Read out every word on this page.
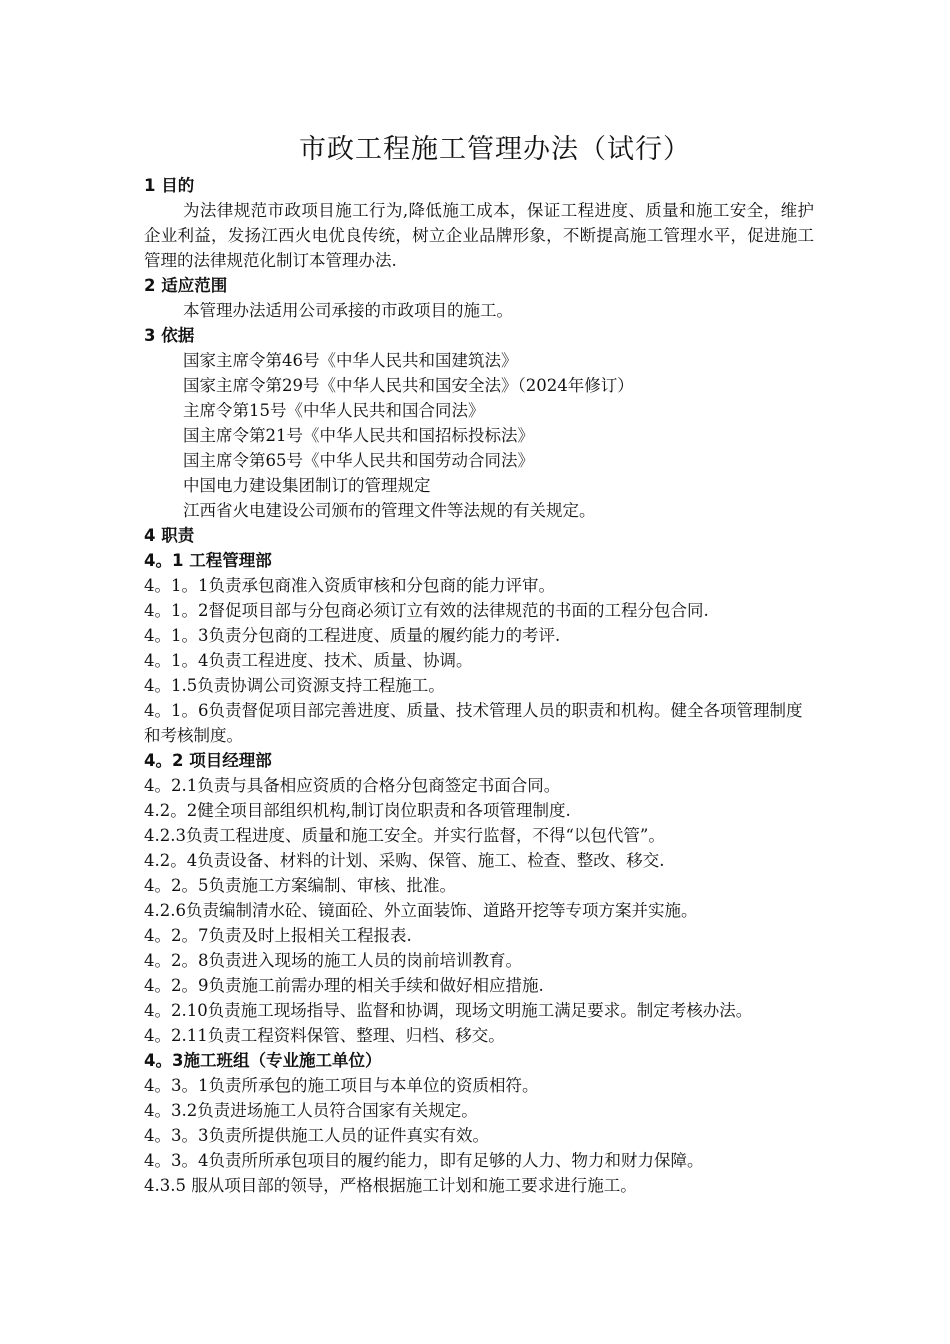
市政工程施工管理办法（试行）

1 目的

为法律规范市政项目施工行为,降低施工成本，保证工程进度、质量和施工安全，维护企业利益，发扬江西火电优良传统，树立企业品牌形象，不断提高施工管理水平，促进施工管理的法律规范化制订本管理办法.

2 适应范围

本管理办法适用公司承接的市政项目的施工。

3 依据

国家主席令第46号《中华人民共和国建筑法》

国家主席令第29号《中华人民共和国安全法》（2024年修订）

主席令第15号《中华人民共和国合同法》

国主席令第21号《中华人民共和国招标投标法》

国主席令第65号《中华人民共和国劳动合同法》

中国电力建设集团制订的管理规定

江西省火电建设公司颁布的管理文件等法规的有关规定。

4 职责

4。1 工程管理部

4。1。1负责承包商准入资质审核和分包商的能力评审。

4。1。2督促项目部与分包商必须订立有效的法律规范的书面的工程分包合同.

4。1。3负责分包商的工程进度、质量的履约能力的考评.

4。1。4负责工程进度、技术、质量、协调。

4。1.5负责协调公司资源支持工程施工。

4。1。6负责督促项目部完善进度、质量、技术管理人员的职责和机构。健全各项管理制度和考核制度。

4。2 项目经理部

4。2.1负责与具备相应资质的合格分包商签定书面合同。

4.2。2健全项目部组织机构,制订岗位职责和各项管理制度.

4.2.3负责工程进度、质量和施工安全。并实行监督，不得“以包代管”。

4.2。4负责设备、材料的计划、采购、保管、施工、检查、整改、移交.

4。2。5负责施工方案编制、审核、批准。

4.2.6负责编制清水砼、镜面砼、外立面装饰、道路开挖等专项方案并实施。

4。2。7负责及时上报相关工程报表.

4。2。8负责进入现场的施工人员的岗前培训教育。

4。2。9负责施工前需办理的相关手续和做好相应措施.

4。2.10负责施工现场指导、监督和协调，现场文明施工满足要求。制定考核办法。

4。2.11负责工程资料保管、整理、归档、移交。

4。3施工班组（专业施工单位）

4。3。1负责所承包的施工项目与本单位的资质相符。

4。3.2负责进场施工人员符合国家有关规定。

4。3。3负责所提供施工人员的证件真实有效。

4。3。4负责所所承包项目的履约能力，即有足够的人力、物力和财力保障。

4.3.5 服从项目部的领导，严格根据施工计划和施工要求进行施工。
